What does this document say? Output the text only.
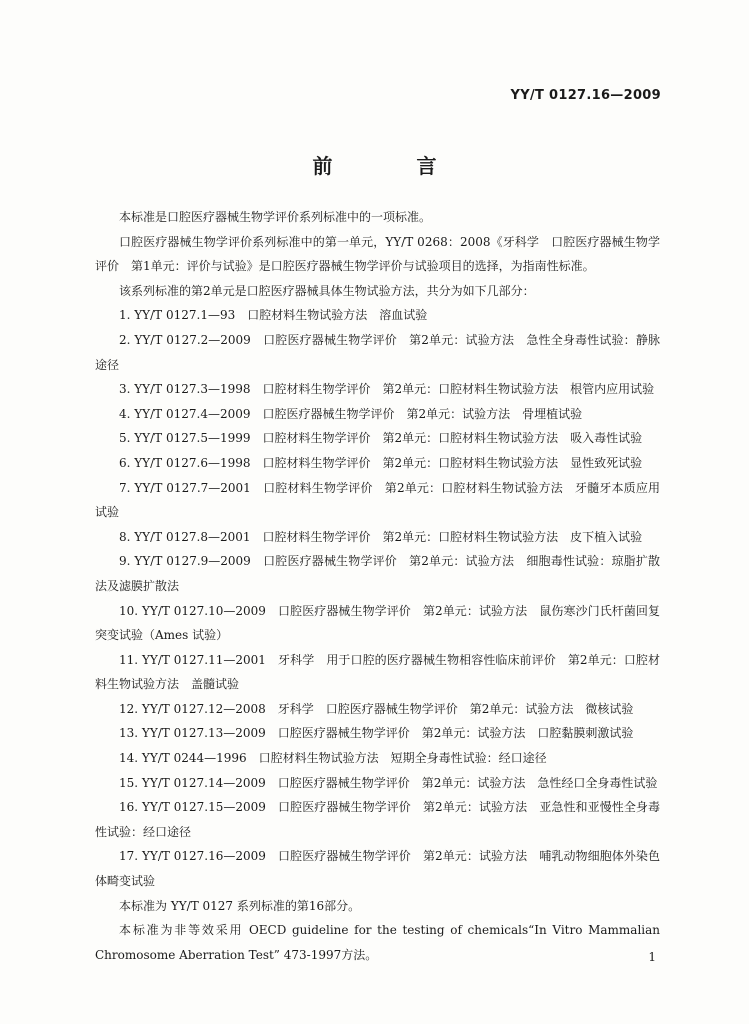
YY/T 0127.16—2009
前　言

本标准是口腔医疗器械生物学评价系列标准中的一项标准。

口腔医疗器械生物学评价系列标准中的第一单元，YY/T 0268：2008《牙科学　口腔医疗器械生物学评价　第1单元：评价与试验》是口腔医疗器械生物学评价与试验项目的选择，为指南性标准。

该系列标准的第2单元是口腔医疗器械具体生物试验方法，共分为如下几部分：

1. YY/T 0127.1—93　口腔材料生物试验方法　溶血试验

2. YY/T 0127.2—2009　口腔医疗器械生物学评价　第2单元：试验方法　急性全身毒性试验：静脉途径

3. YY/T 0127.3—1998　口腔材料生物学评价　第2单元：口腔材料生物试验方法　根管内应用试验

4. YY/T 0127.4—2009　口腔医疗器械生物学评价　第2单元：试验方法　骨埋植试验

5. YY/T 0127.5—1999　口腔材料生物学评价　第2单元：口腔材料生物试验方法　吸入毒性试验

6. YY/T 0127.6—1998　口腔材料生物学评价　第2单元：口腔材料生物试验方法　显性致死试验

7. YY/T 0127.7—2001　口腔材料生物学评价　第2单元：口腔材料生物试验方法　牙髓牙本质应用试验

8. YY/T 0127.8—2001　口腔材料生物学评价　第2单元：口腔材料生物试验方法　皮下植入试验

9. YY/T 0127.9—2009　口腔医疗器械生物学评价　第2单元：试验方法　细胞毒性试验：琼脂扩散法及滤膜扩散法

10. YY/T 0127.10—2009　口腔医疗器械生物学评价　第2单元：试验方法　鼠伤寒沙门氏杆菌回复突变试验（Ames 试验）

11. YY/T 0127.11—2001　牙科学　用于口腔的医疗器械生物相容性临床前评价　第2单元：口腔材料生物试验方法　盖髓试验

12. YY/T 0127.12—2008　牙科学　口腔医疗器械生物学评价　第2单元：试验方法　微核试验

13. YY/T 0127.13—2009　口腔医疗器械生物学评价　第2单元：试验方法　口腔黏膜刺激试验

14. YY/T 0244—1996　口腔材料生物试验方法　短期全身毒性试验：经口途径

15. YY/T 0127.14—2009　口腔医疗器械生物学评价　第2单元：试验方法　急性经口全身毒性试验

16. YY/T 0127.15—2009　口腔医疗器械生物学评价　第2单元：试验方法　亚急性和亚慢性全身毒性试验：经口途径

17. YY/T 0127.16—2009　口腔医疗器械生物学评价　第2单元：试验方法　哺乳动物细胞体外染色体畸变试验

本标准为 YY/T 0127 系列标准的第16部分。

本标准为非等效采用 OECD guideline for the testing of chemicals“In Vitro Mammalian Chromosome Aberration Test” 473-1997方法。	1
